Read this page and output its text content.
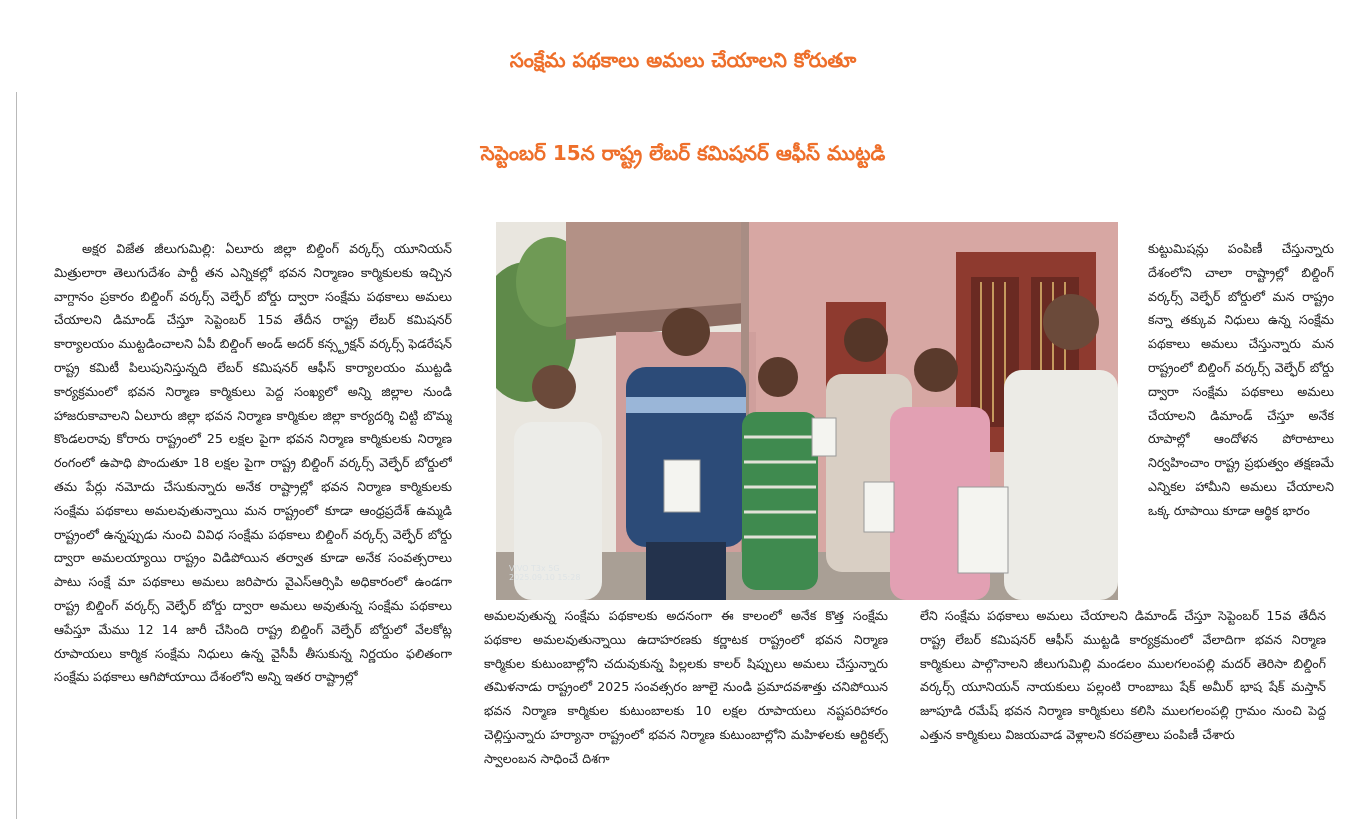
సంక్షేమ పథకాలు అమలు చేయాలని కోరుతూ
సెప్టెంబర్ 15న రాష్ట్ర లేబర్ కమిషనర్ ఆఫీస్ ముట్టడి

అక్షర విజేత జీలుగుమిల్లి: ఏలూరు జిల్లా బిల్డింగ్ వర్కర్స్ యూనియన్ మిత్రులారా తెలుగుదేశం పార్టీ తన ఎన్నికల్లో భవన నిర్మాణం కార్మికులకు ఇచ్చిన వాగ్దానం ప్రకారం బిల్డింగ్ వర్కర్స్ వెల్ఫేర్ బోర్డు ద్వారా సంక్షేమ పథకాలు అమలు చేయాలని డిమాండ్ చేస్తూ సెప్టెంబర్ 15వ తేదీన రాష్ట్ర లేబర్ కమిషనర్ కార్యాలయం ముట్టడించాలని ఏపీ బిల్డింగ్ అండ్ అదర్ కన్స్ట్రక్షన్ వర్కర్స్ ఫెడరేషన్ రాష్ట్ర కమిటీ పిలుపునిస్తున్నది లేబర్ కమిషనర్ ఆఫీస్ కార్యాలయం ముట్టడి కార్యక్రమంలో భవన నిర్మాణ కార్మికులు పెద్ద సంఖ్యలో అన్ని జిల్లాల నుండి హాజరుకావాలని ఏలూరు జిల్లా భవన నిర్మాణ కార్మికుల జిల్లా కార్యదర్శి చిట్టి బొమ్మ కొండలరావు కోరారు రాష్ట్రంలో 25 లక్షల పైగా భవన నిర్మాణ కార్మికులకు నిర్మాణ రంగంలో ఉపాధి పొందుతూ 18 లక్షల పైగా రాష్ట్ర బిల్డింగ్ వర్కర్స్ వెల్ఫేర్ బోర్డులో తమ పేర్లు నమోదు చేసుకున్నారు అనేక రాష్ట్రాల్లో భవన నిర్మాణ కార్మికులకు సంక్షేమ పథకాలు అమలవుతున్నాయి మన రాష్ట్రంలో కూడా ఆంధ్రప్రదేశ్ ఉమ్మడి రాష్ట్రంలో ఉన్నప్పుడు నుంచి వివిధ సంక్షేమ పథకాలు బిల్డింగ్ వర్కర్స్ వెల్ఫేర్ బోర్డు ద్వారా అమలయ్యాయి రాష్ట్రం విడిపోయిన తర్వాత కూడా అనేక సంవత్సరాలు పాటు సంక్షే మా పథకాలు అమలు జరిపారు వైఎస్ఆర్సిపి అధికారంలో ఉండగా రాష్ట్ర బిల్డింగ్ వర్కర్స్ వెల్ఫేర్ బోర్డు ద్వారా అమలు అవుతున్న సంక్షేమ పథకాలు ఆపేస్తూ మేము 12 14 జారీ చేసింది రాష్ట్ర బిల్డింగ్ వెల్ఫేర్ బోర్డులో వేలకోట్ల రూపాయలు కార్మిక సంక్షేమ నిధులు ఉన్న వైసీపీ తీసుకున్న నిర్ణయం ఫలితంగా సంక్షేమ పథకాలు ఆగిపోయాయి దేశంలోని అన్ని ఇతర రాష్ట్రాల్లో

VIVO T3x 5G
2025.09.10 15:28

కుట్టుమిషన్లు పంపిణీ చేస్తున్నారు దేశంలోని చాలా రాష్ట్రాల్లో బిల్డింగ్ వర్కర్స్ వెల్ఫేర్ బోర్డులో మన రాష్ట్రం కన్నా తక్కువ నిధులు ఉన్న సంక్షేమ పథకాలు అమలు చేస్తున్నారు మన రాష్ట్రంలో బిల్డింగ్ వర్కర్స్ వెల్ఫేర్ బోర్డు ద్వారా సంక్షేమ పథకాలు అమలు చేయాలని డిమాండ్ చేస్తూ అనేక రూపాల్లో ఆందోళన పోరాటాలు నిర్వహించాం రాష్ట్ర ప్రభుత్వం తక్షణమే ఎన్నికల హామీని అమలు చేయాలని ఒక్క రూపాయి కూడా ఆర్థిక భారం

అమలవుతున్న సంక్షేమ పథకాలకు అదనంగా ఈ కాలంలో అనేక కొత్త సంక్షేమ పథకాల అమలవుతున్నాయి ఉదాహరణకు కర్ణాటక రాష్ట్రంలో భవన నిర్మాణ కార్మికుల కుటుంబాల్లోని చదువుకున్న పిల్లలకు కాలర్ షిప్పులు అమలు చేస్తున్నారు తమిళనాడు రాష్ట్రంలో 2025 సంవత్సరం జూలై నుండి ప్రమాదవశాత్తు చనిపోయిన భవన నిర్మాణ కార్మికుల కుటుంబాలకు 10 లక్షల రూపాయలు నష్టపరిహారం చెల్లిస్తున్నారు హర్యానా రాష్ట్రంలో భవన నిర్మాణ కుటుంబాల్లోని మహిళలకు ఆర్టికల్స్ స్వాలంబన సాధించే దిశగా

లేని సంక్షేమ పథకాలు అమలు చేయాలని డిమాండ్ చేస్తూ సెప్టెంబర్ 15వ తేదీన రాష్ట్ర లేబర్ కమిషనర్ ఆఫీస్ ముట్టడి కార్యక్రమంలో వేలాదిగా భవన నిర్మాణ కార్మికులు పాల్గొనాలని జీలుగుమిల్లి మండలం ములగలంపల్లి మదర్ తెరిసా బిల్డింగ్ వర్కర్స్ యూనియన్ నాయకులు పల్లంటి రాంబాబు షేక్ అమీర్ భాష షేక్ మస్తాన్ జూపూడి రమేష్ భవన నిర్మాణ కార్మికులు కలిసి ములగలంపల్లి గ్రామం నుంచి పెద్ద ఎత్తున కార్మికులు విజయవాడ వెళ్లాలని కరపత్రాలు పంపిణీ చేశారు
